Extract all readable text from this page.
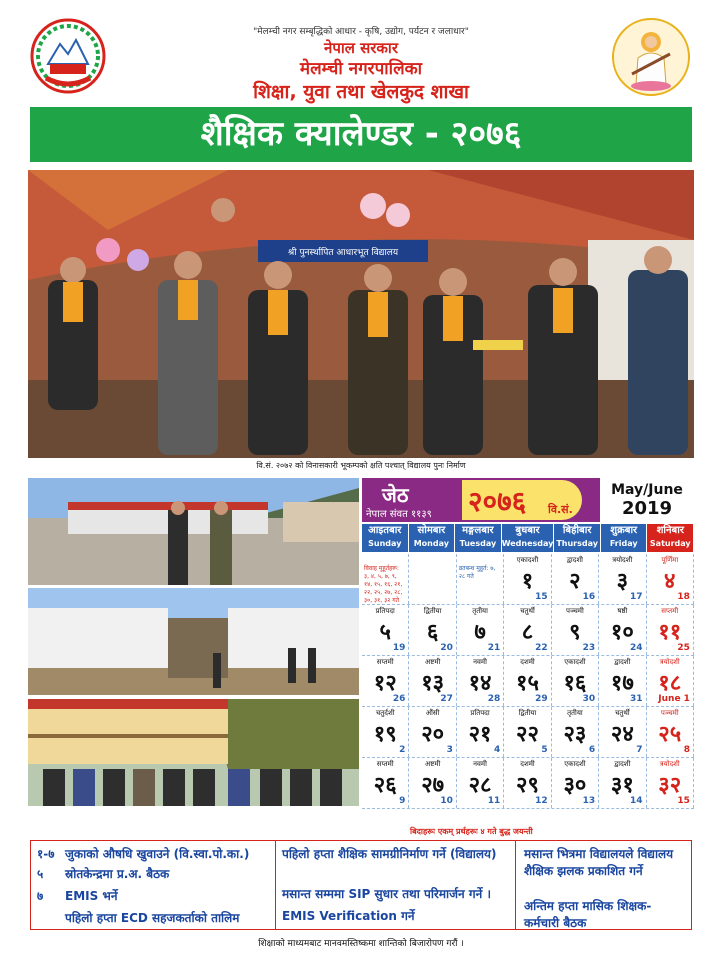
"मेलम्ची नगर सम्बृद्धिको आधार - कृषि, उद्योग, पर्यटन र जलाधार"
नेपाल सरकार
मेलम्ची नगरपालिका
शिक्षा, युवा तथा खेलकुद शाखा
शैक्षिक क्यालेण्डर - २०७६
श्री पुनर्स्थापित आधारभूत विद्यालय
वि.सं. २०७२ को विनासकारी भूकम्पको क्षति पश्चात् विद्यालय पुनः निर्माण
जेठ
नेपाल संवत ११३९ २०७६ वि.सं.
May/June
2019
आइतबार
Sunday
सोमबार
Monday
मङ्गलबार
Tuesday
बुधबार
Wednesday
बिहीबार
Thursday
शुक्रबार
Friday
शनिबार
Saturday
विवाह मुहूर्तहरू: ३, ४, ५, ७, ९, १४, १५, १६, २१, २२, २५, २७, २८, ३०, ३१, ३२ गते
व्रतबन्ध मुहूर्त: ७, २८ गते
एकादशी
१
15
द्वादशी
२
16
त्रयोदशी
३
17
पूर्णिमा
४
18
प्रतिपदा
५
19
द्वितीया
६
20
तृतीया
७
21
चतुर्थी
८
22
पञ्चमी
९
23
षष्ठी
१०
24
सप्तमी
११
25
सप्तमी
१२
26
अष्टमी
१३
27
नवमी
१४
28
दशमी
१५
29
एकादशी
१६
30
द्वादशी
१७
31
त्रयोदशी
१८
June 1
चतुर्दशी
१९
2
औंसी
२०
3
प्रतिपदा
२१
4
द्वितीया
२२
5
तृतीया
२३
6
चतुर्थी
२४
7
पञ्चमी
२५
8
सप्तमी
२६
9
अष्टमी
२७
10
नवमी
२८
11
दशमी
२९
12
एकादशी
३०
13
द्वादशी
३१
14
त्रयोदशी
३२
15
बिदाहरूः एकम् प्रर्थहरूः ४ गते बुद्ध जयन्ती
१-७ जुकाको औषधि खुवाउने (वि.स्वा.पो.का.)
५ स्रोतकेन्द्रमा प्र.अ. बैठक
७ EMIS भर्ने
पहिलो हप्ता ECD सहजकर्ताको तालिम
पहिलो हप्ता शैक्षिक सामग्रीनिर्माण गर्ने (विद्यालय)
मसान्त सम्ममा SIP सुधार तथा परिमार्जन गर्ने ।
EMIS Verification गर्ने
मसान्त भित्रमा विद्यालयले विद्यालय शैक्षिक झलक प्रकाशित गर्ने
अन्तिम हप्ता मासिक शिक्षक-कर्मचारी बैठक
शिक्षाको माध्यमबाट मानवमस्तिष्कमा शान्तिको बिजारोपण गरौं ।
